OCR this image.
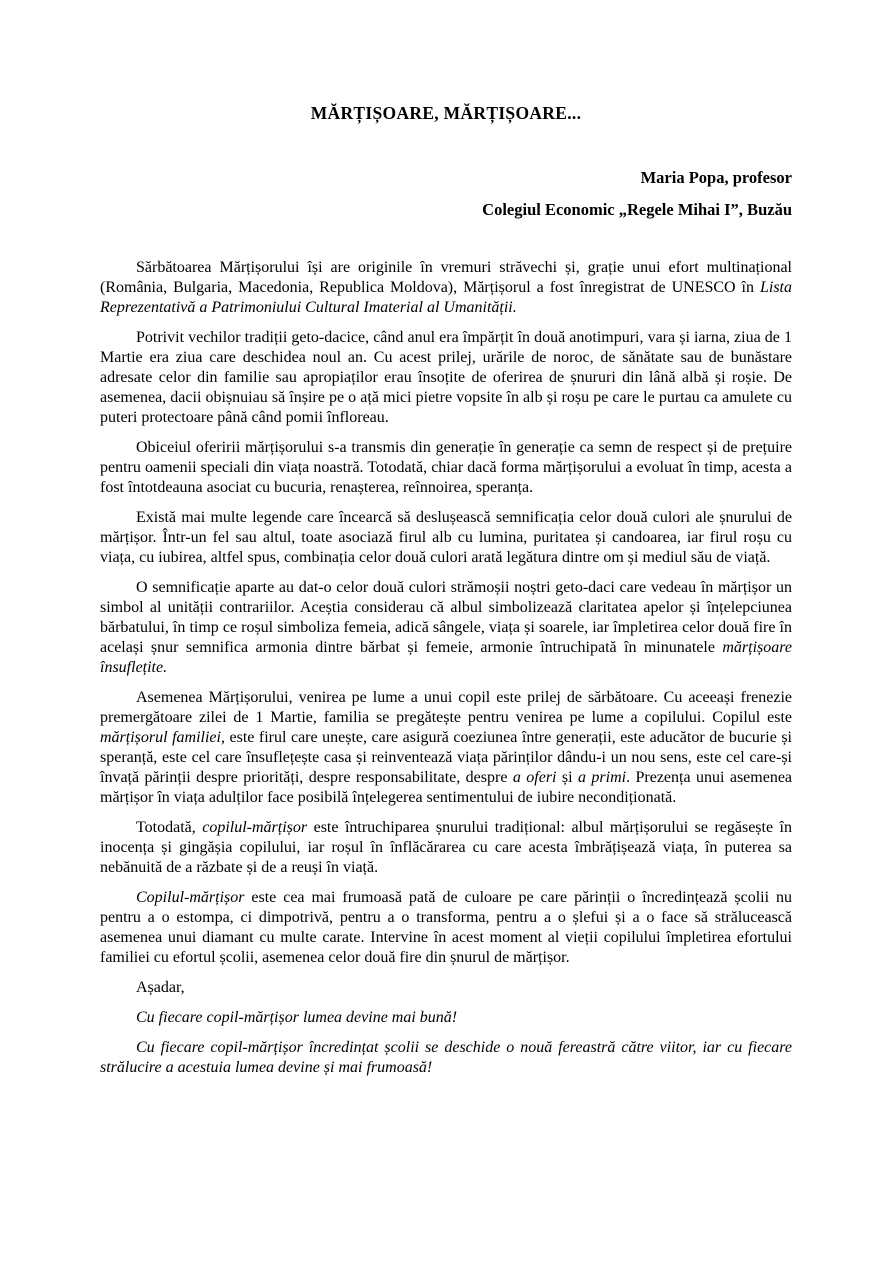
MĂRȚIȘOARE, MĂRȚIȘOARE...
Maria Popa, profesor
Colegiul Economic „Regele Mihai I”, Buzău

Sărbătoarea Mărțișorului își are originile în vremuri străvechi și, grație unui efort multinațional (România, Bulgaria, Macedonia, Republica Moldova), Mărțișorul a fost înregistrat de UNESCO în Lista Reprezentativă a Patrimoniului Cultural Imaterial al Umanității.

Potrivit vechilor tradiții geto-dacice, când anul era împărțit în două anotimpuri, vara și iarna, ziua de 1 Martie era ziua care deschidea noul an. Cu acest prilej, urările de noroc, de sănătate sau de bunăstare adresate celor din familie sau apropiaților erau însoțite de oferirea de șnururi din lână albă și roșie. De asemenea, dacii obișnuiau să înșire pe o ață mici pietre vopsite în alb și roșu pe care le purtau ca amulete cu puteri protectoare până când pomii înfloreau.

Obiceiul oferirii mărțișorului s-a transmis din generație în generație ca semn de respect și de prețuire pentru oamenii speciali din viața noastră. Totodată, chiar dacă forma mărțișorului a evoluat în timp, acesta a fost întotdeauna asociat cu bucuria, renașterea, reînnoirea, speranța.

Există mai multe legende care încearcă să deslușească semnificația celor două culori ale șnurului de mărțișor. Într-un fel sau altul, toate asociază firul alb cu lumina, puritatea și candoarea, iar firul roșu cu viața, cu iubirea, altfel spus, combinația celor două culori arată legătura dintre om și mediul său de viață.

O semnificație aparte au dat-o celor două culori strămoșii noștri geto-daci care vedeau în mărțișor un simbol al unității contrariilor. Aceștia considerau că albul simbolizează claritatea apelor și înțelepciunea bărbatului, în timp ce roșul simboliza femeia, adică sângele, viața și soarele, iar împletirea celor două fire în același șnur semnifica armonia dintre bărbat și femeie, armonie întruchipată în minunatele mărțișoare însuflețite.

Asemenea Mărțișorului, venirea pe lume a unui copil este prilej de sărbătoare. Cu aceeași frenezie premergătoare zilei de 1 Martie, familia se pregătește pentru venirea pe lume a copilului. Copilul este mărțișorul familiei, este firul care unește, care asigură coeziunea între generații, este aducător de bucurie și speranță, este cel care însuflețește casa și reinventează viața părinților dându-i un nou sens, este cel care-și învață părinții despre priorități, despre responsabilitate, despre a oferi și a primi. Prezența unui asemenea mărțișor în viața adulților face posibilă înțelegerea sentimentului de iubire necondiționată.

Totodată, copilul-mărțișor este întruchiparea șnurului tradițional: albul mărțișorului se regăsește în inocența și gingășia copilului, iar roșul în înflăcărarea cu care acesta îmbrățișează viața, în puterea sa nebănuită de a răzbate și de a reuși în viață.

Copilul-mărțișor este cea mai frumoasă pată de culoare pe care părinții o încredințează școlii nu pentru a o estompa, ci dimpotrivă, pentru a o transforma, pentru a o șlefui și a o face să strălucească asemenea unui diamant cu multe carate. Intervine în acest moment al vieții copilului împletirea efortului familiei cu efortul școlii, asemenea celor două fire din șnurul de mărțișor.

Așadar,

Cu fiecare copil-mărțișor lumea devine mai bună!

Cu fiecare copil-mărțișor încredințat școlii se deschide o nouă fereastră către viitor, iar cu fiecare strălucire a acestuia lumea devine și mai frumoasă!
